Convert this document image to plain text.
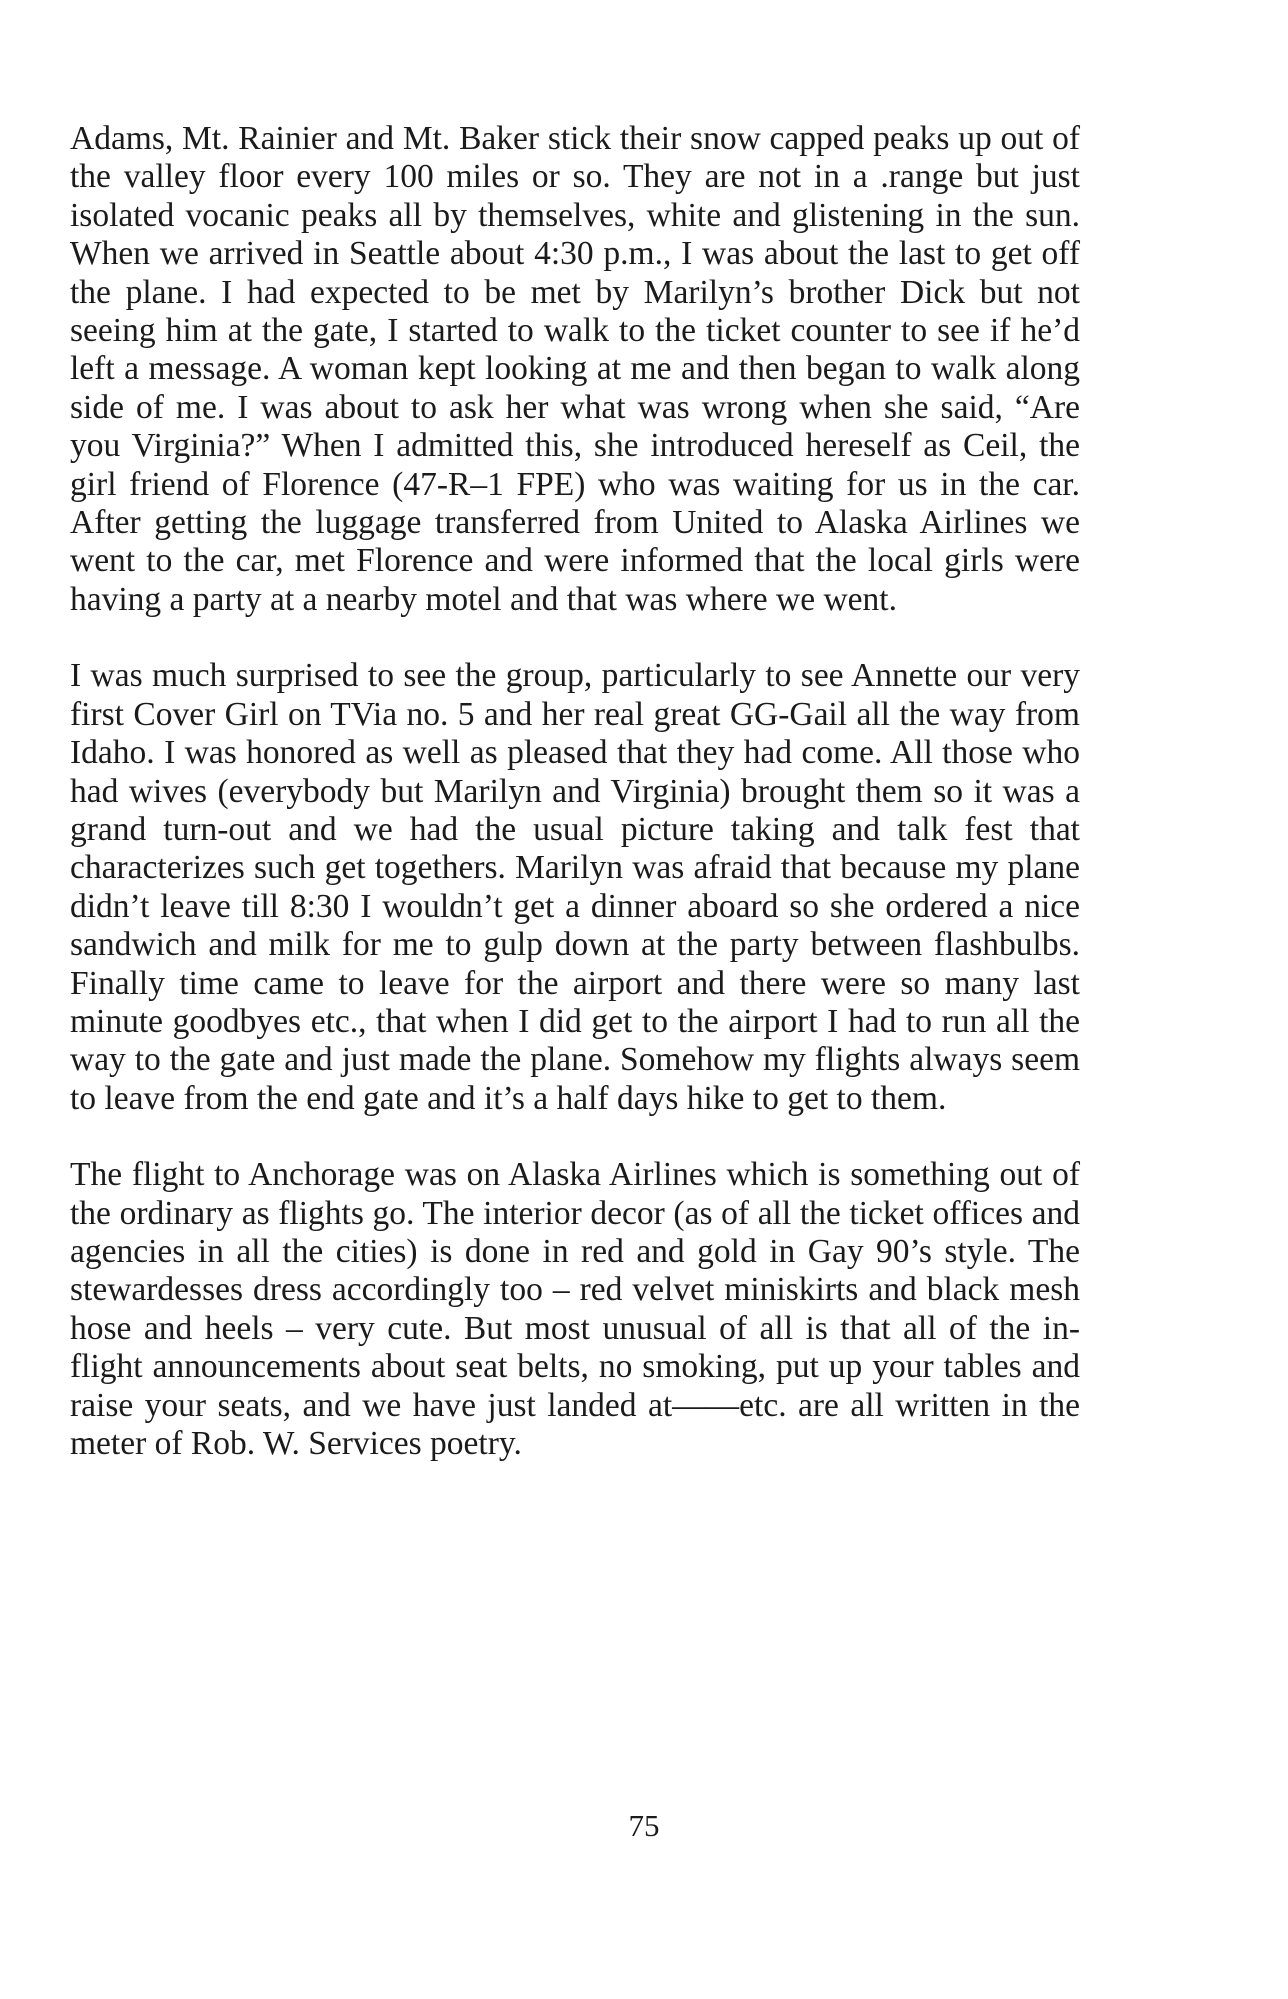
Adams, Mt. Rainier and Mt. Baker stick their snow capped peaks up out of the valley floor every 100 miles or so. They are not in a .range but just isolated vocanic peaks all by themselves, white and glistening in the sun. When we arrived in Seattle about 4:30 p.m., I was about the last to get off the plane. I had expected to be met by Marilyn’s brother Dick but not seeing him at the gate, I started to walk to the ticket counter to see if he’d left a message. A woman kept looking at me and then began to walk along side of me. I was about to ask her what was wrong when she said, “Are you Virginia?” When I admitted this, she introduced hereself as Ceil, the girl friend of Florence (47-R–1 FPE) who was waiting for us in the car. After getting the luggage transferred from United to Alaska Airlines we went to the car, met Florence and were informed that the local girls were having a party at a nearby motel and that was where we went.

I was much surprised to see the group, particularly to see Annette our very first Cover Girl on TVia no. 5 and her real great GG-Gail all the way from Idaho. I was honored as well as pleased that they had come. All those who had wives (everybody but Marilyn and Virginia) brought them so it was a grand turn-out and we had the usual picture taking and talk fest that characterizes such get togethers. Marilyn was afraid that because my plane didn’t leave till 8:30 I wouldn’t get a dinner aboard so she ordered a nice sandwich and milk for me to gulp down at the party between flashbulbs. Finally time came to leave for the airport and there were so many last minute goodbyes etc., that when I did get to the airport I had to run all the way to the gate and just made the plane. Somehow my flights always seem to leave from the end gate and it’s a half days hike to get to them.

The flight to Anchorage was on Alaska Airlines which is something out of the ordinary as flights go. The interior decor (as of all the ticket offices and agencies in all the cities) is done in red and gold in Gay 90’s style. The stewardesses dress accordingly too – red velvet miniskirts and black mesh hose and heels – very cute. But most unusual of all is that all of the in-flight announcements about seat belts, no smoking, put up your tables and raise your seats, and we have just landed at——etc. are all written in the meter of Rob. W. Services poetry.

75
